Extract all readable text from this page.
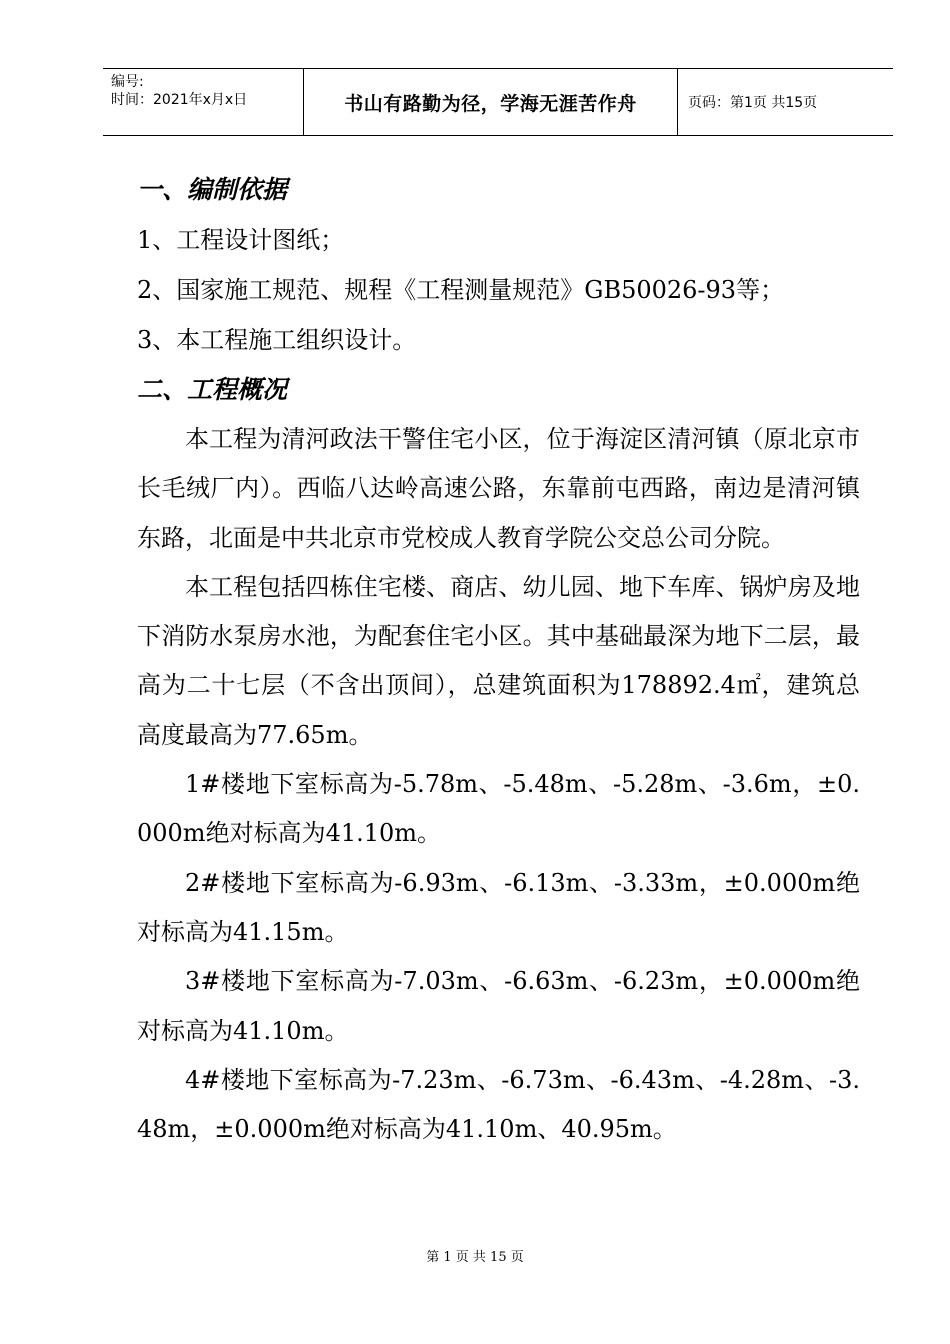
编号:
时间：2021年x月x日	书山有路勤为径，学海无涯苦作舟	页码：第1页 共15页
一、编制依据

1、工程设计图纸；

2、国家施工规范、规程《工程测量规范》GB50026-93等；

3、本工程施工组织设计。

二、工程概况

本工程为清河政法干警住宅小区，位于海淀区清河镇（原北京市长毛绒厂内）。西临八达岭高速公路，东靠前屯西路，南边是清河镇东路，北面是中共北京市党校成人教育学院公交总公司分院。

本工程包括四栋住宅楼、商店、幼儿园、地下车库、锅炉房及地下消防水泵房水池，为配套住宅小区。其中基础最深为地下二层，最高为二十七层（不含出顶间），总建筑面积为178892.4㎡，建筑总高度最高为77.65m。

1#楼地下室标高为-5.78m、-5.48m、-5.28m、-3.6m，±0.000m绝对标高为41.10m。

2#楼地下室标高为-6.93m、-6.13m、-3.33m，±0.000m绝对标高为41.15m。

3#楼地下室标高为-7.03m、-6.63m、-6.23m，±0.000m绝对标高为41.10m。

4#楼地下室标高为-7.23m、-6.73m、-6.43m、-4.28m、-3.48m，±0.000m绝对标高为41.10m、40.95m。

第 1 页 共 15 页
